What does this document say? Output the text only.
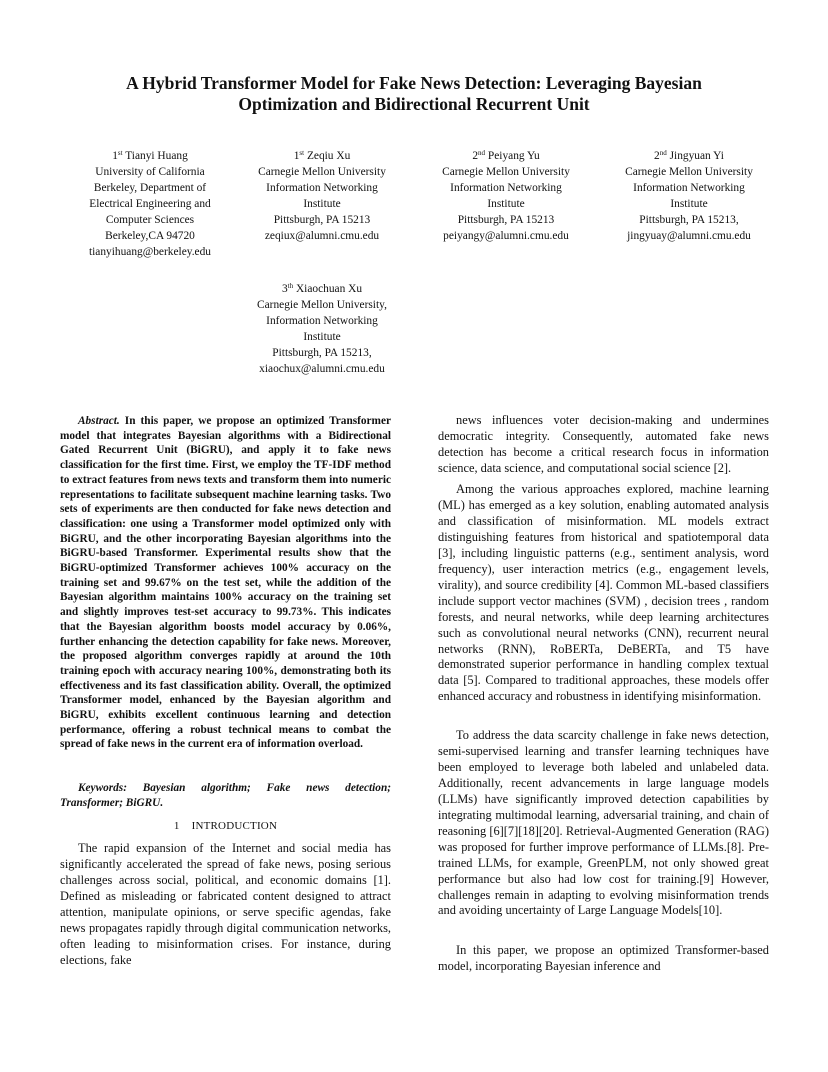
A Hybrid Transformer Model for Fake News Detection: Leveraging Bayesian
Optimization and Bidirectional Recurrent Unit
1st Tianyi Huang
University of California
Berkeley, Department of
Electrical Engineering and
Computer Sciences
Berkeley,CA 94720
tianyihuang@berkeley.edu
1st Zeqiu Xu
Carnegie Mellon University
Information Networking
Institute
Pittsburgh, PA 15213
zeqiux@alumni.cmu.edu
2nd Peiyang Yu
Carnegie Mellon University
Information Networking
Institute
Pittsburgh, PA 15213
peiyangy@alumni.cmu.edu
2nd Jingyuan Yi
Carnegie Mellon University
Information Networking
Institute
Pittsburgh, PA 15213,
jingyuay@alumni.cmu.edu
3th Xiaochuan Xu
Carnegie Mellon University,
Information Networking
Institute
Pittsburgh, PA 15213,
xiaochux@alumni.cmu.edu

Abstract. In this paper, we propose an optimized Transformer model that integrates Bayesian algorithms with a Bidirectional Gated Recurrent Unit (BiGRU), and apply it to fake news classification for the first time. First, we employ the TF-IDF method to extract features from news texts and transform them into numeric representations to facilitate subsequent machine learning tasks. Two sets of experiments are then conducted for fake news detection and classification: one using a Transformer model optimized only with BiGRU, and the other incorporating Bayesian algorithms into the BiGRU-based Transformer. Experimental results show that the BiGRU-optimized Transformer achieves 100% accuracy on the training set and 99.67% on the test set, while the addition of the Bayesian algorithm maintains 100% accuracy on the training set and slightly improves test-set accuracy to 99.73%. This indicates that the Bayesian algorithm boosts model accuracy by 0.06%, further enhancing the detection capability for fake news. Moreover, the proposed algorithm converges rapidly at around the 10th training epoch with accuracy nearing 100%, demonstrating both its effectiveness and its fast classification ability. Overall, the optimized Transformer model, enhanced by the Bayesian algorithm and BiGRU, exhibits excellent continuous learning and detection performance, offering a robust technical means to combat the spread of fake news in the current era of information overload.

Keywords: Bayesian algorithm; Fake news detection; Transformer; BiGRU.

1 INTRODUCTION

The rapid expansion of the Internet and social media has significantly accelerated the spread of fake news, posing serious challenges across social, political, and economic domains [1]. Defined as misleading or fabricated content designed to attract attention, manipulate opinions, or serve specific agendas, fake news propagates rapidly through digital communication networks, often leading to misinformation crises. For instance, during elections, fake

news influences voter decision-making and undermines democratic integrity. Consequently, automated fake news detection has become a critical research focus in information science, data science, and computational social science [2].

Among the various approaches explored, machine learning (ML) has emerged as a key solution, enabling automated analysis and classification of misinformation. ML models extract distinguishing features from historical and spatiotemporal data [3], including linguistic patterns (e.g., sentiment analysis, word frequency), user interaction metrics (e.g., engagement levels, virality), and source credibility [4]. Common ML-based classifiers include support vector machines (SVM) , decision trees , random forests, and neural networks, while deep learning architectures such as convolutional neural networks (CNN), recurrent neural networks (RNN), RoBERTa, DeBERTa, and T5 have demonstrated superior performance in handling complex textual data [5]. Compared to traditional approaches, these models offer enhanced accuracy and robustness in identifying misinformation.

To address the data scarcity challenge in fake news detection, semi-supervised learning and transfer learning techniques have been employed to leverage both labeled and unlabeled data. Additionally, recent advancements in large language models (LLMs) have significantly improved detection capabilities by integrating multimodal learning, adversarial training, and chain of reasoning [6][7][18][20]. Retrieval-Augmented Generation (RAG) was proposed for further improve performance of LLMs.[8]. Pre-trained LLMs, for example, GreenPLM, not only showed great performance but also had low cost for training.[9] However, challenges remain in adapting to evolving misinformation trends and avoiding uncertainty of Large Language Models[10].

In this paper, we propose an optimized Transformer-based model, incorporating Bayesian inference and
